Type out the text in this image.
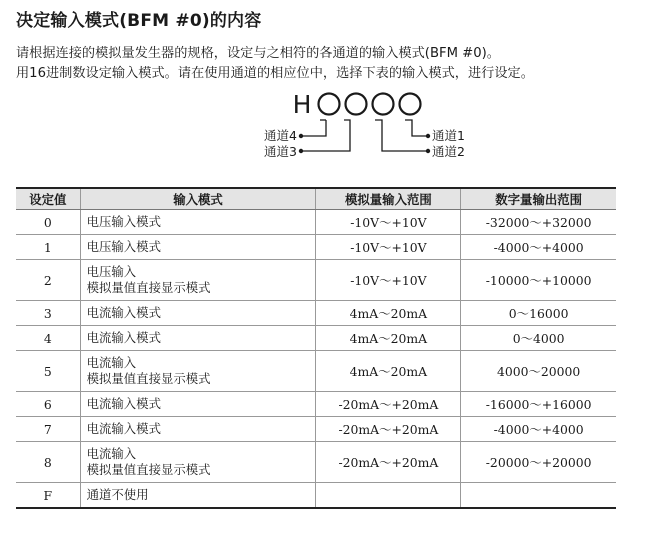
决定输入模式(BFM #0)的内容
请根据连接的模拟量发生器的规格，设定与之相符的各通道的输入模式(BFM #0)。
用16进制数设定输入模式。请在使用通道的相应位中，选择下表的输入模式，进行设定。
H
通道4
通道3
通道1
通道2
设定值	输入模式	模拟量输入范围	数字量输出范围
0	电压输入模式	-10V～+10V	-32000～+32000
1	电压输入模式	-10V～+10V	-4000～+4000
2	电压输入
模拟量值直接显示模式	-10V～+10V	-10000～+10000
3	电流输入模式	4mA～20mA	0～16000
4	电流输入模式	4mA～20mA	0～4000
5	电流输入
模拟量值直接显示模式	4mA～20mA	4000～20000
6	电流输入模式	-20mA～+20mA	-16000～+16000
7	电流输入模式	-20mA～+20mA	-4000～+4000
8	电流输入
模拟量值直接显示模式	-20mA～+20mA	-20000～+20000
F	通道不使用		
